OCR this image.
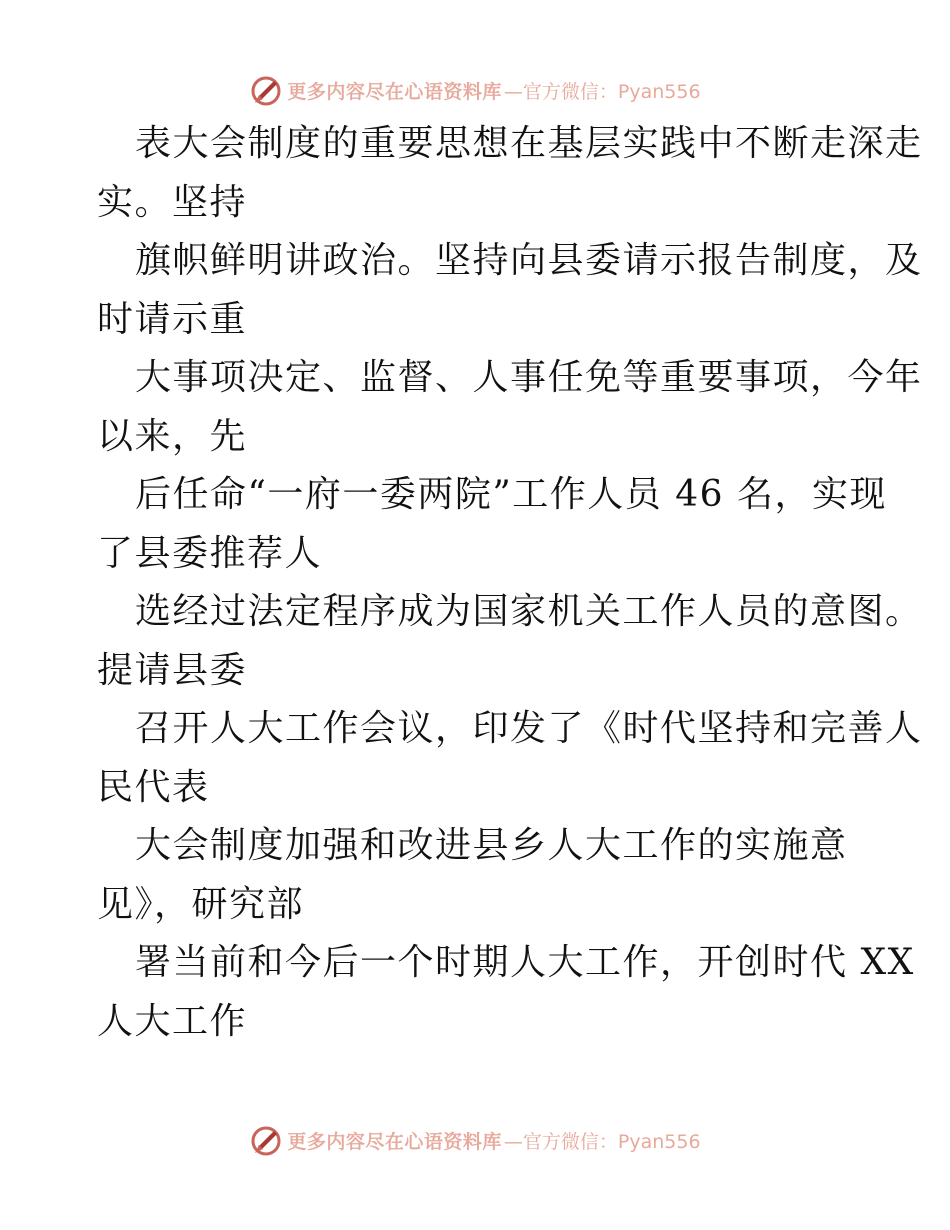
更多内容尽在心语资料库 —官方微信：Pyan556
表大会制度的重要思想在基层实践中不断走深走
实。坚持
旗帜鲜明讲政治。坚持向县委请示报告制度，及
时请示重
大事项决定、监督、人事任免等重要事项，今年
以来，先
后任命“一府一委两院”工作人员 46 名，实现
了县委推荐人
选经过法定程序成为国家机关工作人员的意图。
提请县委
召开人大工作会议，印发了《时代坚持和完善人
民代表
大会制度加强和改进县乡人大工作的实施意
见》，研究部
署当前和今后一个时期人大工作，开创时代 XX
人大工作
更多内容尽在心语资料库 —官方微信：Pyan556
